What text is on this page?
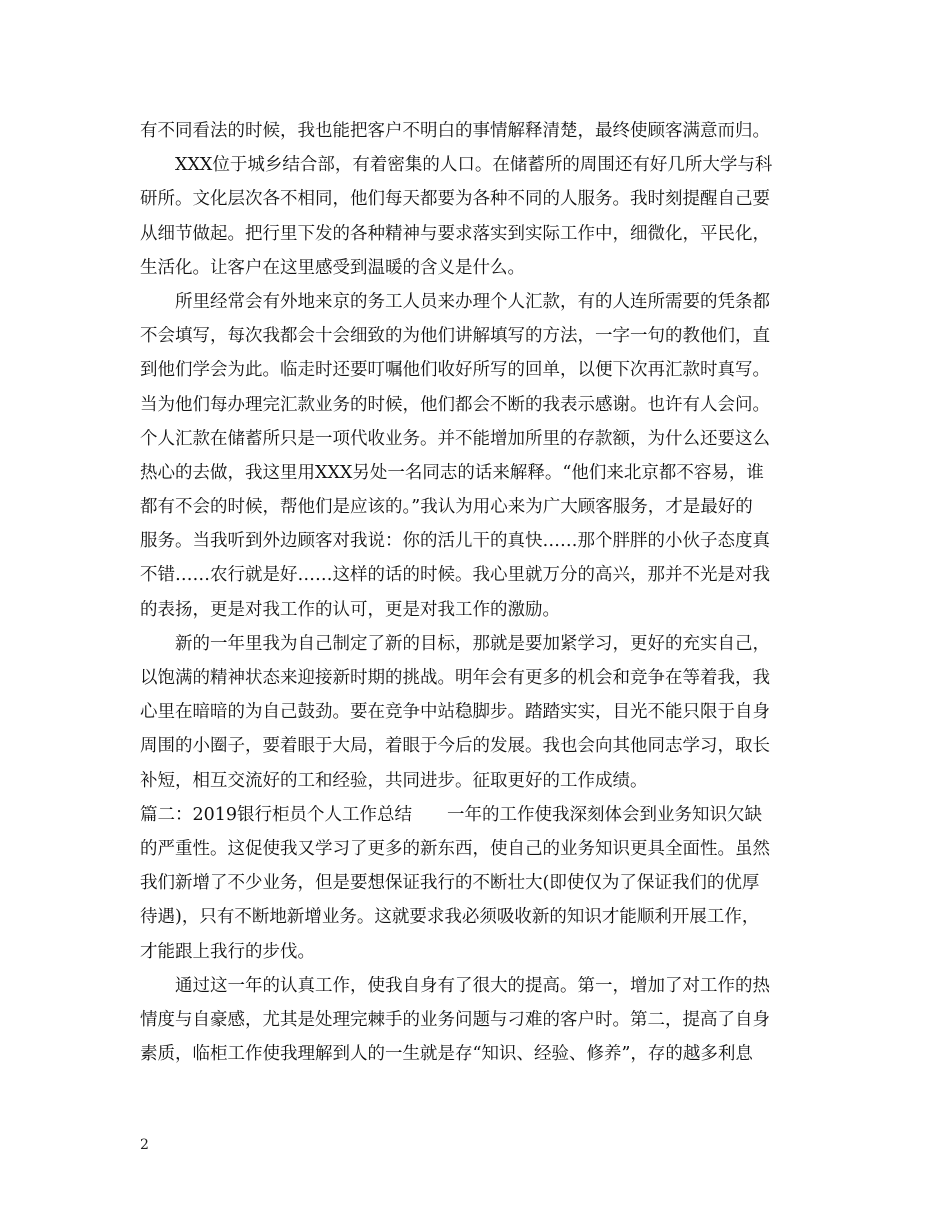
有不同看法的时候，我也能把客户不明白的事情解释清楚，最终使顾客满意而归。
XXX位于城乡结合部，有着密集的人口。在储蓄所的周围还有好几所大学与科
研所。文化层次各不相同，他们每天都要为各种不同的人服务。我时刻提醒自己要
从细节做起。把行里下发的各种精神与要求落实到实际工作中，细微化，平民化，
生活化。让客户在这里感受到温暖的含义是什么。
所里经常会有外地来京的务工人员来办理个人汇款，有的人连所需要的凭条都
不会填写，每次我都会十会细致的为他们讲解填写的方法，一字一句的教他们，直
到他们学会为此。临走时还要叮嘱他们收好所写的回单，以便下次再汇款时真写。
当为他们每办理完汇款业务的时候，他们都会不断的我表示感谢。也许有人会问。
个人汇款在储蓄所只是一项代收业务。并不能增加所里的存款额，为什么还要这么
热心的去做，我这里用XXX另处一名同志的话来解释。“他们来北京都不容易，谁
都有不会的时候，帮他们是应该的。”我认为用心来为广大顾客服务，才是最好的
服务。当我听到外边顾客对我说：你的活儿干的真快……那个胖胖的小伙子态度真
不错……农行就是好……这样的话的时候。我心里就万分的高兴，那并不光是对我
的表扬，更是对我工作的认可，更是对我工作的激励。
新的一年里我为自己制定了新的目标，那就是要加紧学习，更好的充实自己，
以饱满的精神状态来迎接新时期的挑战。明年会有更多的机会和竞争在等着我，我
心里在暗暗的为自己鼓劲。要在竞争中站稳脚步。踏踏实实，目光不能只限于自身
周围的小圈子，要着眼于大局，着眼于今后的发展。我也会向其他同志学习，取长
补短，相互交流好的工和经验，共同进步。征取更好的工作成绩。
篇二：2019银行柜员个人工作总结　　一年的工作使我深刻体会到业务知识欠缺
的严重性。这促使我又学习了更多的新东西，使自己的业务知识更具全面性。虽然
我们新增了不少业务，但是要想保证我行的不断壮大(即使仅为了保证我们的优厚
待遇)，只有不断地新增业务。这就要求我必须吸收新的知识才能顺利开展工作，
才能跟上我行的步伐。
通过这一年的认真工作，使我自身有了很大的提高。第一，增加了对工作的热
情度与自豪感，尤其是处理完棘手的业务问题与刁难的客户时。第二，提高了自身
素质，临柜工作使我理解到人的一生就是存“知识、经验、修养”，存的越多利息
2
